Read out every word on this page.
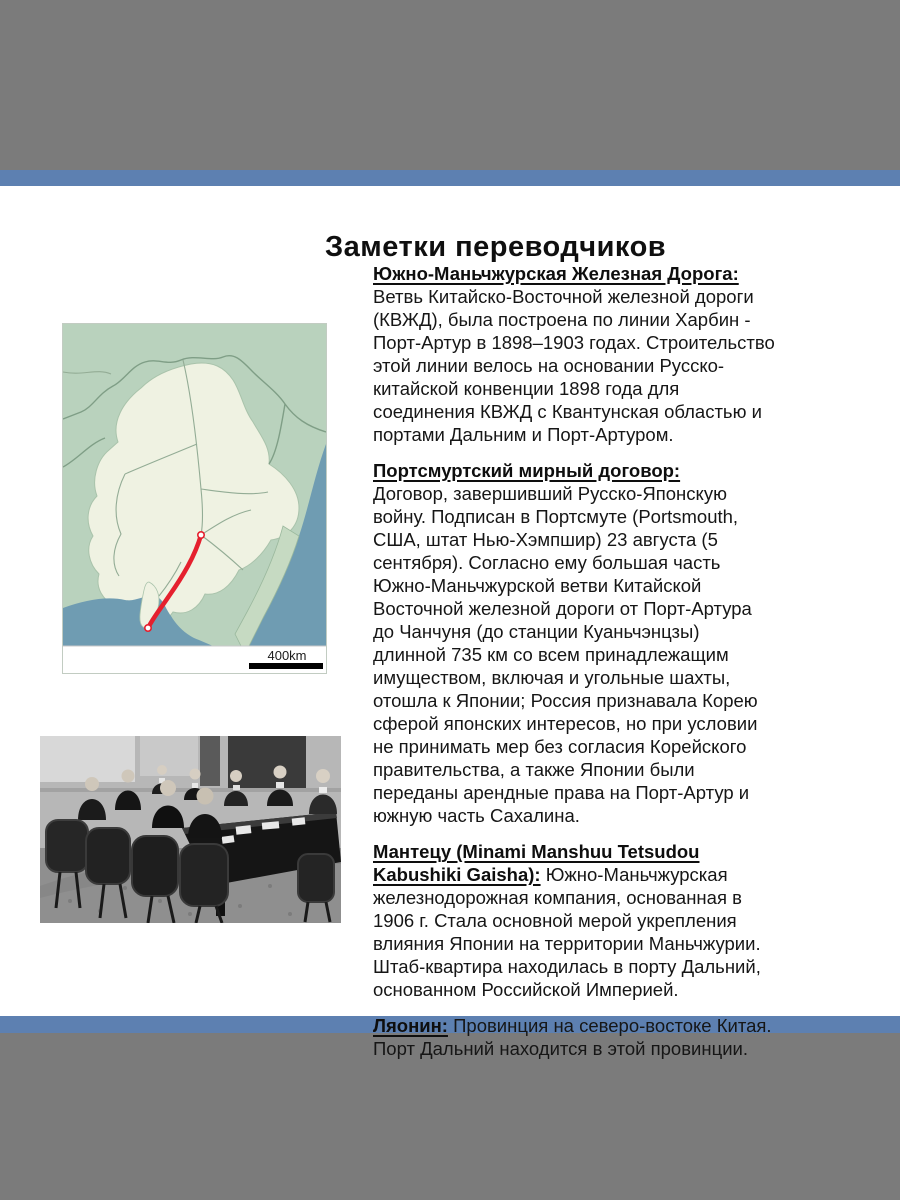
Заметки переводчиков
400km

Южно-Маньчжурская Железная Дорога:
Ветвь Китайско-Восточной железной дороги (КВЖД), была построена по линии Харбин - Порт-Артур в 1898–1903 годах. Строительство этой линии велось на основании Русско-китайской конвенции 1898 года для соединения КВЖД с Квантунская областью и портами Дальним и Порт-Артуром.

Портсмуртский мирный договор:
Договор, завершивший Русско-Японскую войну. Подписан в Портсмуте (Portsmouth, США, штат Нью-Хэмпшир) 23 августа (5 сентября). Согласно ему большая часть Южно-Маньчжурской ветви Китайской Восточной железной дороги от Порт-Артура до Чанчуня (до станции Куаньчэнцзы) длинной 735 км со всем принадлежащим имуществом, включая и угольные шахты, отошла к Японии; Россия признавала Корею сферой японских интересов, но при условии не принимать мер без согласия Корейского правительства, а также Японии были переданы арендные права на Порт-Артур и южную часть Сахалина.

Мантецу (Minami Manshuu Tetsudou Kabushiki Gaisha): Южно-Маньчжурская железнодорожная компания, основанная в 1906 г. Стала основной мерой укрепления влияния Японии на территории Маньчжурии. Штаб-квартира находилась в порту Дальний, основанном Российской Империей.

Ляонин: Провинция на северо-востоке Китая. Порт Дальний находится в этой провинции.
